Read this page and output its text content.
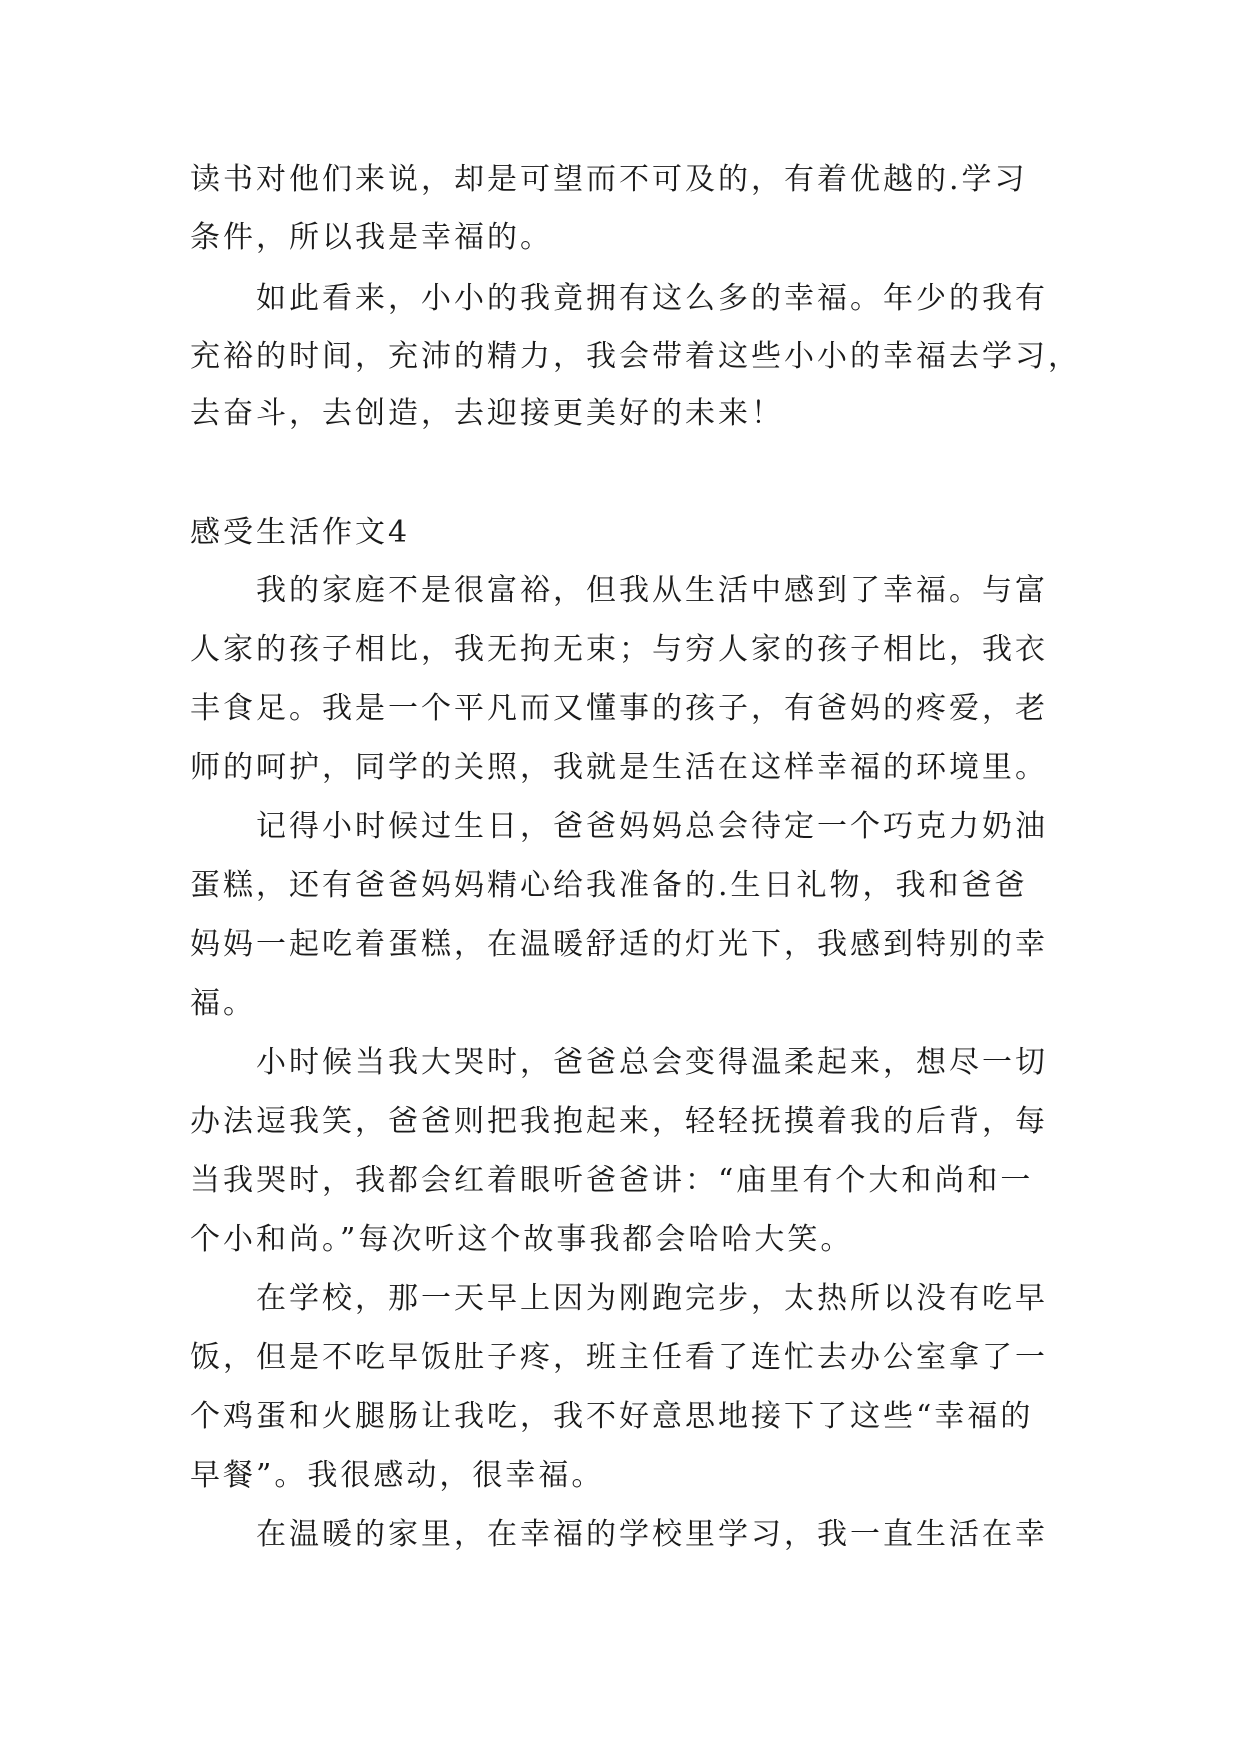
读书对他们来说，却是可望而不可及的，有着优越的.学习
条件，所以我是幸福的。
如此看来，小小的我竟拥有这么多的幸福。年少的我有
充裕的时间，充沛的精力，我会带着这些小小的幸福去学习，
去奋斗，去创造，去迎接更美好的未来！
感受生活作文4
我的家庭不是很富裕，但我从生活中感到了幸福。与富
人家的孩子相比，我无拘无束；与穷人家的孩子相比，我衣
丰食足。我是一个平凡而又懂事的孩子，有爸妈的疼爱，老
师的呵护，同学的关照，我就是生活在这样幸福的环境里。
记得小时候过生日，爸爸妈妈总会待定一个巧克力奶油
蛋糕，还有爸爸妈妈精心给我准备的.生日礼物，我和爸爸
妈妈一起吃着蛋糕，在温暖舒适的灯光下，我感到特别的幸
福。
小时候当我大哭时，爸爸总会变得温柔起来，想尽一切
办法逗我笑，爸爸则把我抱起来，轻轻抚摸着我的后背，每
当我哭时，我都会红着眼听爸爸讲：“庙里有个大和尚和一
个小和尚。”每次听这个故事我都会哈哈大笑。
在学校，那一天早上因为刚跑完步，太热所以没有吃早
饭，但是不吃早饭肚子疼，班主任看了连忙去办公室拿了一
个鸡蛋和火腿肠让我吃，我不好意思地接下了这些“幸福的
早餐”。我很感动，很幸福。
在温暖的家里，在幸福的学校里学习，我一直生活在幸
